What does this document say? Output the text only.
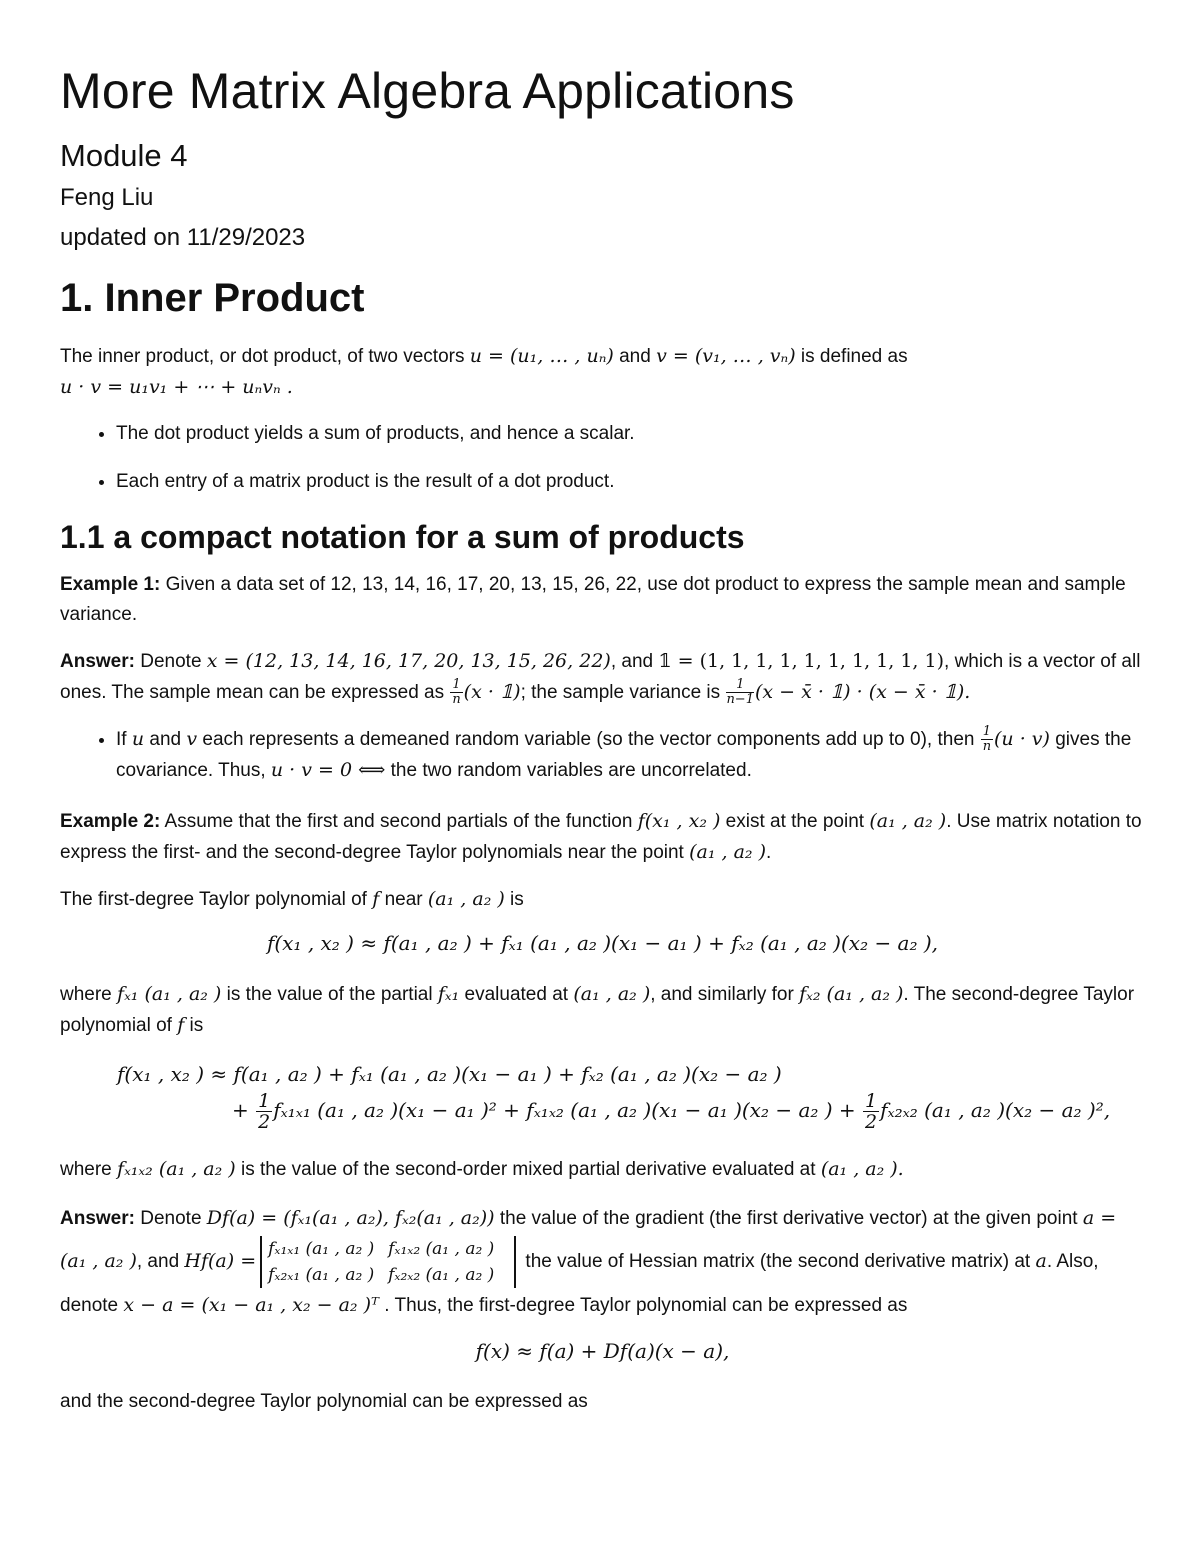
More Matrix Algebra Applications
Module 4
Feng Liu
updated on 11/29/2023
1. Inner Product

The inner product, or dot product, of two vectors u = (u₁, … , uₙ) and v = (v₁, … , vₙ) is defined as
u · v = u₁v₁ + ⋯ + uₙvₙ .

• The dot product yields a sum of products, and hence a scalar.
• Each entry of a matrix product is the result of a dot product.
1.1 a compact notation for a sum of products

Example 1: Given a data set of 12, 13, 14, 16, 17, 20, 13, 15, 26, 22, use dot product to express the sample mean and sample variance.

Answer: Denote x = (12, 13, 14, 16, 17, 20, 13, 15, 26, 22), and 𝟙 = (1, 1, 1, 1, 1, 1, 1, 1, 1, 1), which is a vector of all ones. The sample mean can be expressed as $\frac{1}{n} (x$ · 𝟙); the sample variance is $\frac{1}{n-1} (x$ − x̄ · 𝟙) · (x − x̄ · 𝟙).

• If u and v each represents a demeaned random variable (so the vector components add up to 0), then $\frac{1}{n} (u \cdot v)$ gives the covariance. Thus, u · v = 0 ⟺ the two random variables are uncorrelated.

Example 2: Assume that the first and second partials of the function f(x₁ , x₂ ) exist at the point (a₁ , a₂ ). Use matrix notation to express the first- and the second-degree Taylor polynomials near the point (a₁ , a₂ ).

The first-degree Taylor polynomial of f near (a₁ , a₂ ) is

f(x₁ , x₂ ) ≈ f(a₁ , a₂ ) + fₓ₁ (a₁ , a₂ )(x₁ − a₁ ) + fₓ₂ (a₁ , a₂ )(x₂ − a₂ ),

where fₓ₁ (a₁ , a₂ ) is the value of the partial fₓ₁ evaluated at (a₁ , a₂ ), and similarly for fₓ₂ (a₁ , a₂ ). The second-degree Taylor polynomial of f is

f(x₁ , x₂ ) ≈ f(a₁ , a₂ ) + fₓ₁ (a₁ , a₂ )(x₁ − a₁ ) + fₓ₂ (a₁ , a₂ )(x₂ − a₂ )
+ $\frac{1}{2} f_{x1x1}$ (a₁ , a₂ )(x₁ − a₁ )² + fₓ₁ₓ₂ (a₁ , a₂ )(x₁ − a₁ )(x₂ − a₂ ) + $\frac{1}{2} f_{x2x2}$ (a₁ , a₂ )(x₂ − a₂ )²,

where fₓ₁ₓ₂ (a₁ , a₂ ) is the value of the second-order mixed partial derivative evaluated at (a₁ , a₂ ).

Answer: Denote Df(a) = (fₓ₁(a₁ , a₂), fₓ₂(a₁ , a₂)) the value of the gradient (the first derivative vector) at the given point a = (a₁ , a₂ ), and Hf(a) =
fₓ₁ₓ₁ (a₁ , a₂ ) fₓ₁ₓ₂ (a₁ , a₂ )
fₓ₂ₓ₁ (a₁ , a₂ ) fₓ₂ₓ₂ (a₁ , a₂ )
the value of Hessian matrix (the second derivative matrix) at a. Also, denote x − a = (x₁ − a₁ , x₂ − a₂ )ᵀ . Thus, the first-degree Taylor polynomial can be expressed as

f(x) ≈ f(a) + Df(a)(x − a),

and the second-degree Taylor polynomial can be expressed as
